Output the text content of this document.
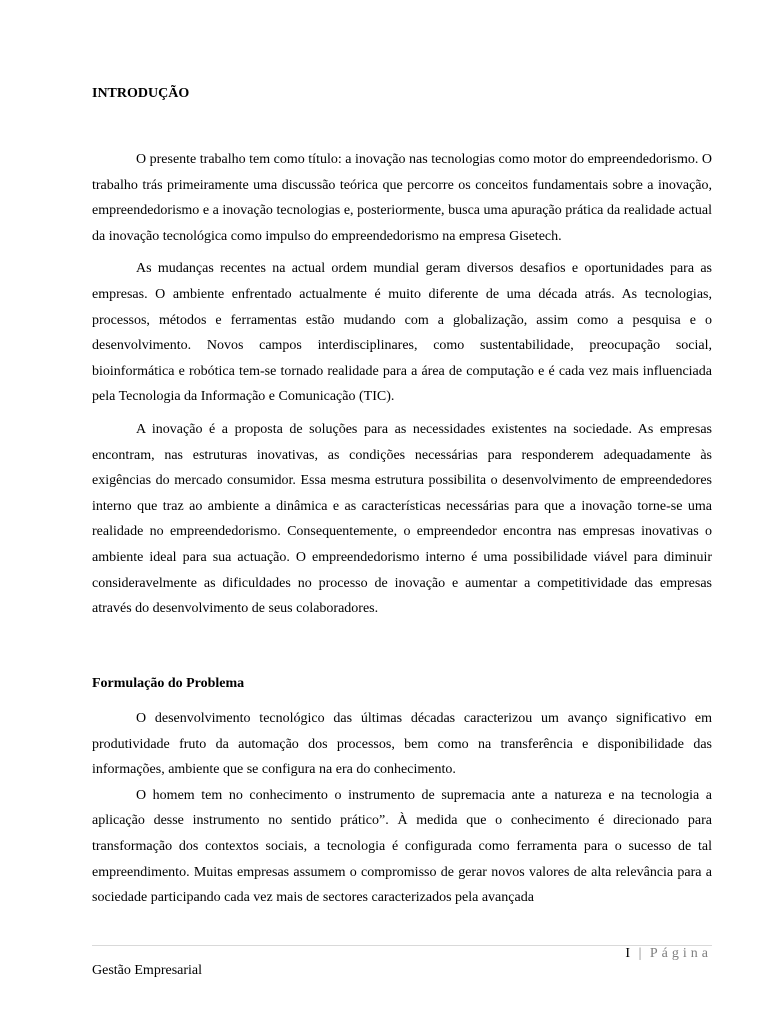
INTRODUÇÃO

O presente trabalho tem como título: a inovação nas tecnologias como motor do empreendedorismo. O trabalho trás primeiramente uma discussão teórica que percorre os conceitos fundamentais sobre a inovação, empreendedorismo e a inovação tecnologias e, posteriormente, busca uma apuração prática da realidade actual da inovação tecnológica como impulso do empreendedorismo na empresa Gisetech.

As mudanças recentes na actual ordem mundial geram diversos desafios e oportunidades para as empresas. O ambiente enfrentado actualmente é muito diferente de uma década atrás. As tecnologias, processos, métodos e ferramentas estão mudando com a globalização, assim como a pesquisa e o desenvolvimento. Novos campos interdisciplinares, como sustentabilidade, preocupação social, bioinformática e robótica tem-se tornado realidade para a área de computação e é cada vez mais influenciada pela Tecnologia da Informação e Comunicação (TIC).

A inovação é a proposta de soluções para as necessidades existentes na sociedade. As empresas encontram, nas estruturas inovativas, as condições necessárias para responderem adequadamente às exigências do mercado consumidor. Essa mesma estrutura possibilita o desenvolvimento de empreendedores interno que traz ao ambiente a dinâmica e as características necessárias para que a inovação torne-se uma realidade no empreendedorismo. Consequentemente, o empreendedor encontra nas empresas inovativas o ambiente ideal para sua actuação. O empreendedorismo interno é uma possibilidade viável para diminuir consideravelmente as dificuldades no processo de inovação e aumentar a competitividade das empresas através do desenvolvimento de seus colaboradores.

Formulação do Problema

O desenvolvimento tecnológico das últimas décadas caracterizou um avanço significativo em produtividade fruto da automação dos processos, bem como na transferência e disponibilidade das informações, ambiente que se configura na era do conhecimento.

O homem tem no conhecimento o instrumento de supremacia ante a natureza e na tecnologia a aplicação desse instrumento no sentido prático”. À medida que o conhecimento é direcionado para transformação dos contextos sociais, a tecnologia é configurada como ferramenta para o sucesso de tal empreendimento. Muitas empresas assumem o compromisso de gerar novos valores de alta relevância para a sociedade participando cada vez mais de sectores caracterizados pela avançada

I | Página
Gestão Empresarial
